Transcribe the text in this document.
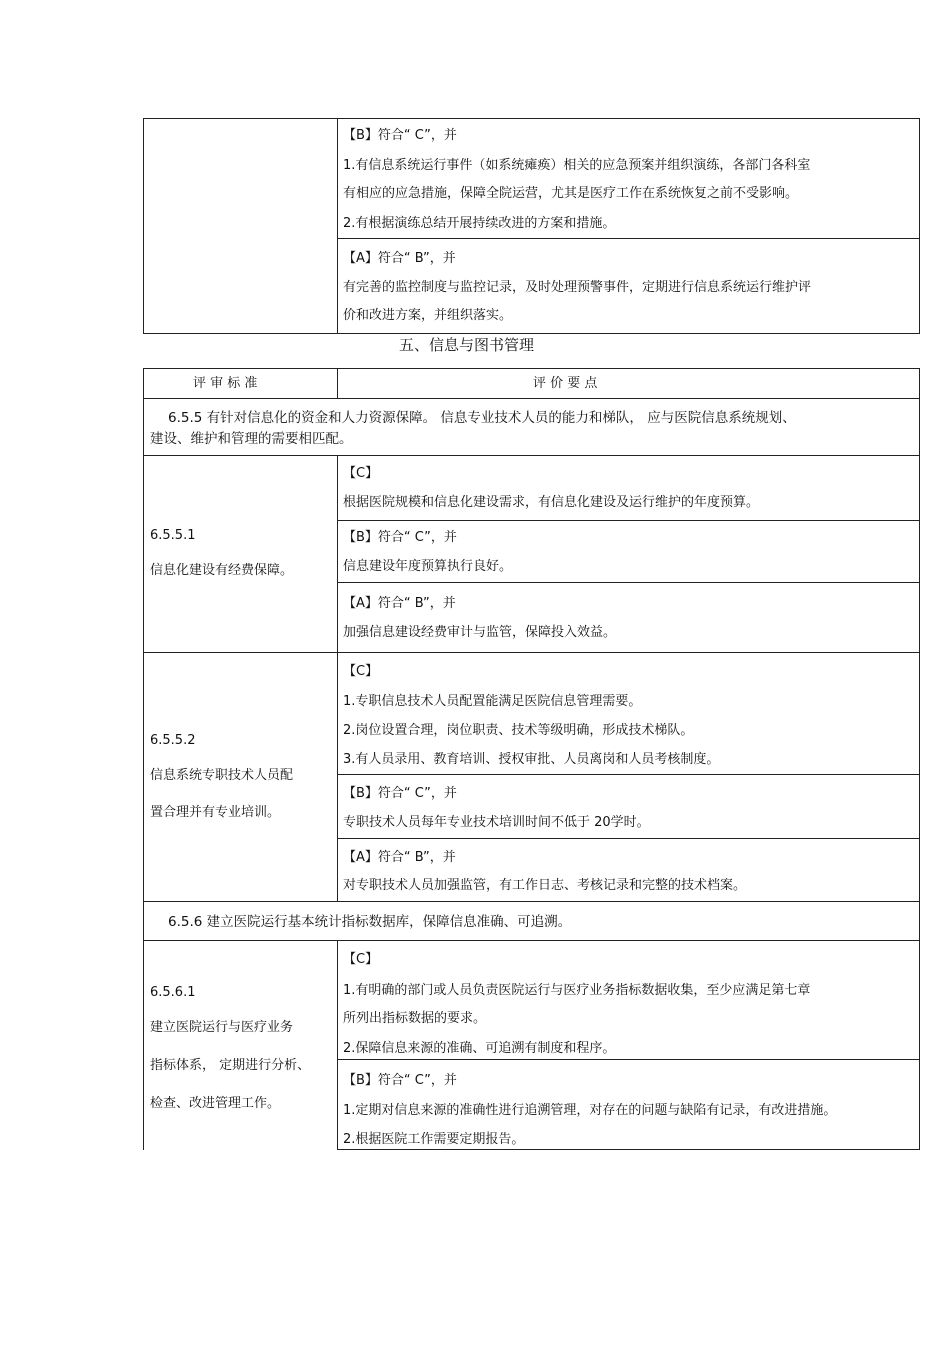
【B】符合“ C”，并
1.有信息系统运行事件（如系统瘫痪）相关的应急预案并组织演练，各部门各科室
有相应的应急措施，保障全院运营，尤其是医疗工作在系统恢复之前不受影响。
2.有根据演练总结开展持续改进的方案和措施。
【A】符合“ B”，并
有完善的监控制度与监控记录，及时处理预警事件，定期进行信息系统运行维护评
价和改进方案，并组织落实。
五、信息与图书管理
评 审 标 准	评 价 要 点
6.5.5 有针对信息化的资金和人力资源保障。 信息专业技术人员的能力和梯队， 应与医院信息系统规划、
建设、维护和管理的需要相匹配。
6.5.5.1
信息化建设有经费保障。
【C】
根据医院规模和信息化建设需求，有信息化建设及运行维护的年度预算。
【B】符合“ C”，并
信息建设年度预算执行良好。
【A】符合“ B”，并
加强信息建设经费审计与监管，保障投入效益。
6.5.5.2
信息系统专职技术人员配
置合理并有专业培训。
【C】
1.专职信息技术人员配置能满足医院信息管理需要。
2.岗位设置合理，岗位职责、技术等级明确，形成技术梯队。
3.有人员录用、教育培训、授权审批、人员离岗和人员考核制度。
【B】符合“ C”，并
专职技术人员每年专业技术培训时间不低于 20学时。
【A】符合“ B”，并
对专职技术人员加强监管，有工作日志、考核记录和完整的技术档案。
6.5.6 建立医院运行基本统计指标数据库，保障信息准确、可追溯。
6.5.6.1
建立医院运行与医疗业务
指标体系， 定期进行分析、
检查、改进管理工作。
【C】
1.有明确的部门或人员负责医院运行与医疗业务指标数据收集，至少应满足第七章
所列出指标数据的要求。
2.保障信息来源的准确、可追溯有制度和程序。
【B】符合“ C”，并
1.定期对信息来源的准确性进行追溯管理，对存在的问题与缺陷有记录，有改进措施。
2.根据医院工作需要定期报告。
